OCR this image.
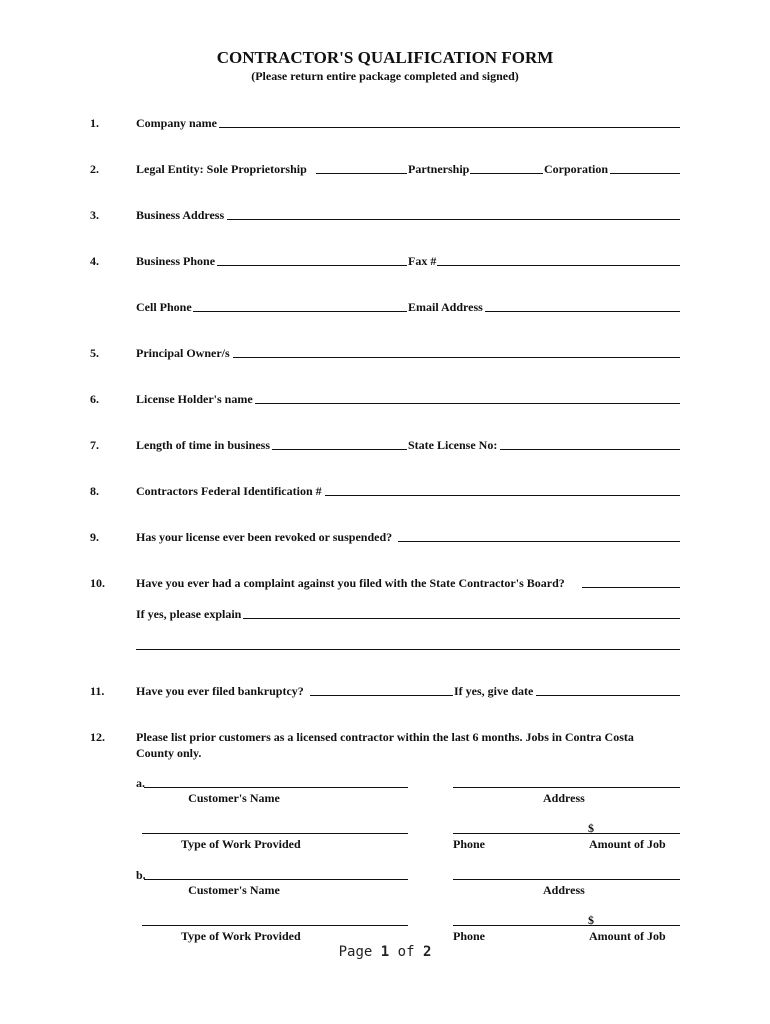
CONTRACTOR'S QUALIFICATION FORM
(Please return entire package completed and signed)
1.	Company name
2.	Legal Entity: Sole Proprietorship	Partnership	Corporation
3.	Business Address
4.	Business Phone	Fax #
Cell Phone	Email Address
5.	Principal Owner/s
6.	License Holder's name
7.	Length of time in business	State License No:
8.	Contractors Federal Identification #
9.	Has your license ever been revoked or suspended?
10.	Have you ever had a complaint against you filed with the State Contractor's Board?
If yes, please explain
11.	Have you ever filed bankruptcy?	If yes, give date
12.	Please list prior customers as a licensed contractor within the last 6 months. Jobs in Contra Costa
County only.
a.
Customer's Name	Address
$
Type of Work Provided	Phone	Amount of Job
b.
Customer's Name	Address
$
Type of Work Provided	Phone	Amount of Job
Page 1 of 2
